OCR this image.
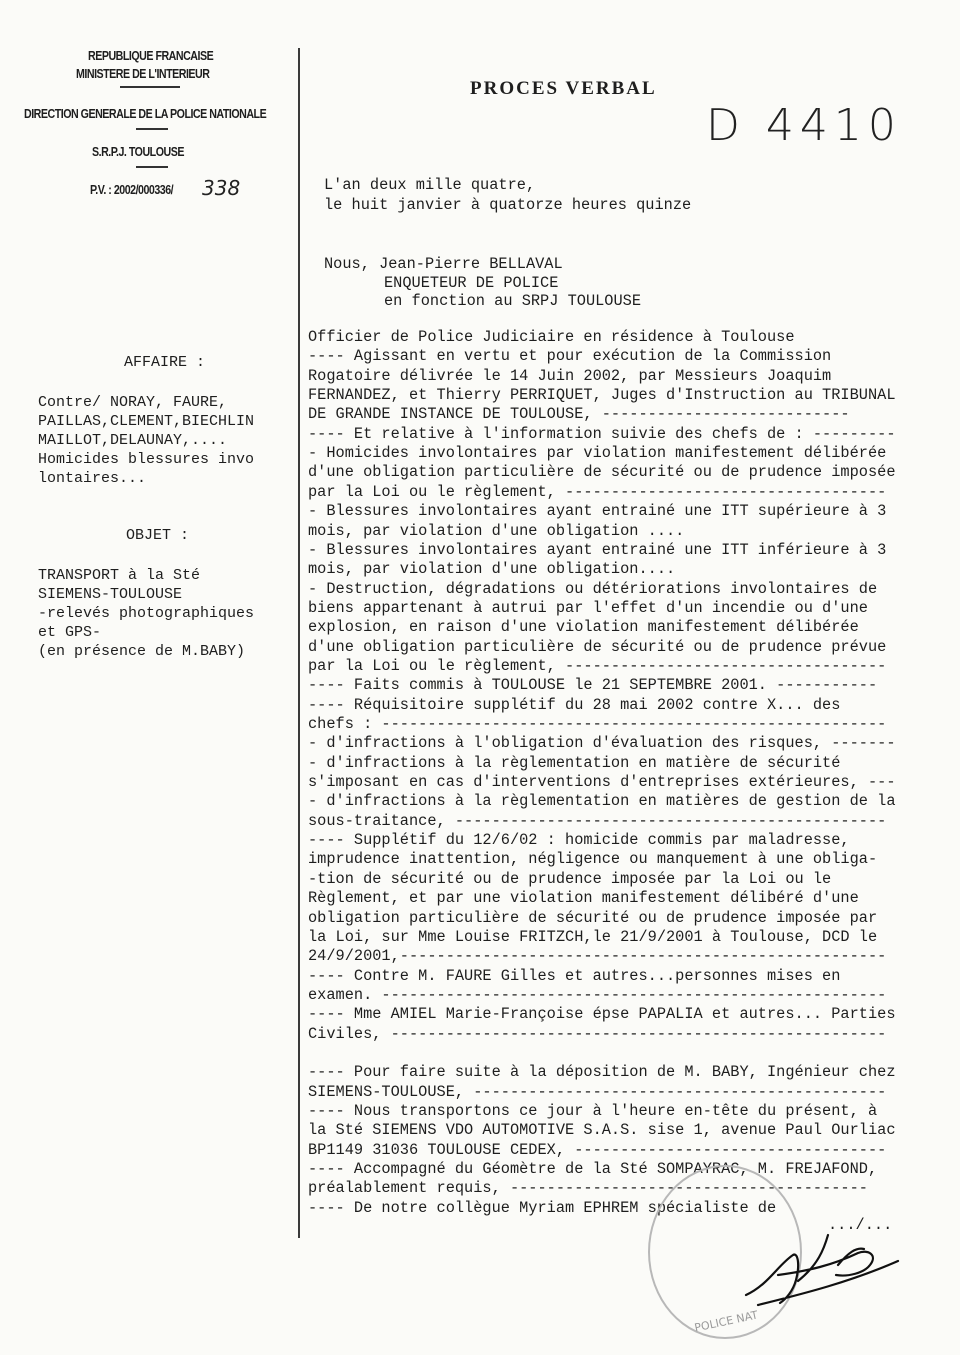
REPUBLIQUE FRANCAISE
MINISTERE DE L'INTERIEUR
DIRECTION GENERALE DE LA POLICE NATIONALE
S.R.P.J. TOULOUSE
P.V. : 2002/000336/ 338
AFFAIRE :
Contre/ NORAY, FAURE,
PAILLAS,CLEMENT,BIECHLIN
MAILLOT,DELAUNAY,....
Homicides blessures invo
lontaires...
OBJET :
TRANSPORT à la Sté
SIEMENS-TOULOUSE
-relevés photographiques
et GPS-
(en présence de M.BABY)
PROCES VERBAL
D 4410
L'an deux mille quatre,
le huit janvier à quatorze heures quinze
Nous, Jean-Pierre BELLAVAL
ENQUETEUR DE POLICE
en fonction au SRPJ TOULOUSE
Officier de Police Judiciaire en résidence à Toulouse
---- Agissant en vertu et pour exécution de la Commission
Rogatoire délivrée le 14 Juin 2002, par Messieurs Joaquim
FERNANDEZ, et Thierry PERRIQUET, Juges d'Instruction au TRIBUNAL
DE GRANDE INSTANCE DE TOULOUSE, ---------------------------
---- Et relative à l'information suivie des chefs de : ---------
- Homicides involontaires par violation manifestement délibérée
d'une obligation particulière de sécurité ou de prudence imposée
par la Loi ou le règlement, -----------------------------------
- Blessures involontaires ayant entrainé une ITT supérieure à 3
mois, par violation d'une obligation ....
- Blessures involontaires ayant entrainé une ITT inférieure à 3
mois, par violation d'une obligation....
- Destruction, dégradations ou détériorations involontaires de
biens appartenant à autrui par l'effet d'un incendie ou d'une
explosion, en raison d'une violation manifestement délibérée
d'une obligation particulière de sécurité ou de prudence prévue
par la Loi ou le règlement, -----------------------------------
---- Faits commis à TOULOUSE le 21 SEPTEMBRE 2001. -----------
---- Réquisitoire supplétif du 28 mai 2002 contre X... des
chefs : -------------------------------------------------------
- d'infractions à l'obligation d'évaluation des risques, -------
- d'infractions à la règlementation en matière de sécurité
s'imposant en cas d'interventions d'entreprises extérieures, ---
- d'infractions à la règlementation en matières de gestion de la
sous-traitance, -----------------------------------------------
---- Supplétif du 12/6/02 : homicide commis par maladresse,
imprudence inattention, négligence ou manquement à une obliga-
-tion de sécurité ou de prudence imposée par la Loi ou le
Règlement, et par une violation manifestement délibéré d'une
obligation particulière de sécurité ou de prudence imposée par
la Loi, sur Mme Louise FRITZCH,le 21/9/2001 à Toulouse, DCD le
24/9/2001,-----------------------------------------------------
---- Contre M. FAURE Gilles et autres...personnes mises en
examen. -------------------------------------------------------
---- Mme AMIEL Marie-Françoise épse PAPALIA et autres... Parties
Civiles, ------------------------------------------------------
---- Pour faire suite à la déposition de M. BABY, Ingénieur chez
SIEMENS-TOULOUSE, ---------------------------------------------
---- Nous transportons ce jour à l'heure en-tête du présent, à
la Sté SIEMENS VDO AUTOMOTIVE S.A.S. sise 1, avenue Paul Ourliac
BP1149 31036 TOULOUSE CEDEX, ----------------------------------
---- Accompagné du Géomètre de la Sté SOMPAYRAC, M. FREJAFOND,
préalablement requis, ---------------------------------------
---- De notre collègue Myriam EPHREM spécialiste de
.../...
POLICE NAT
